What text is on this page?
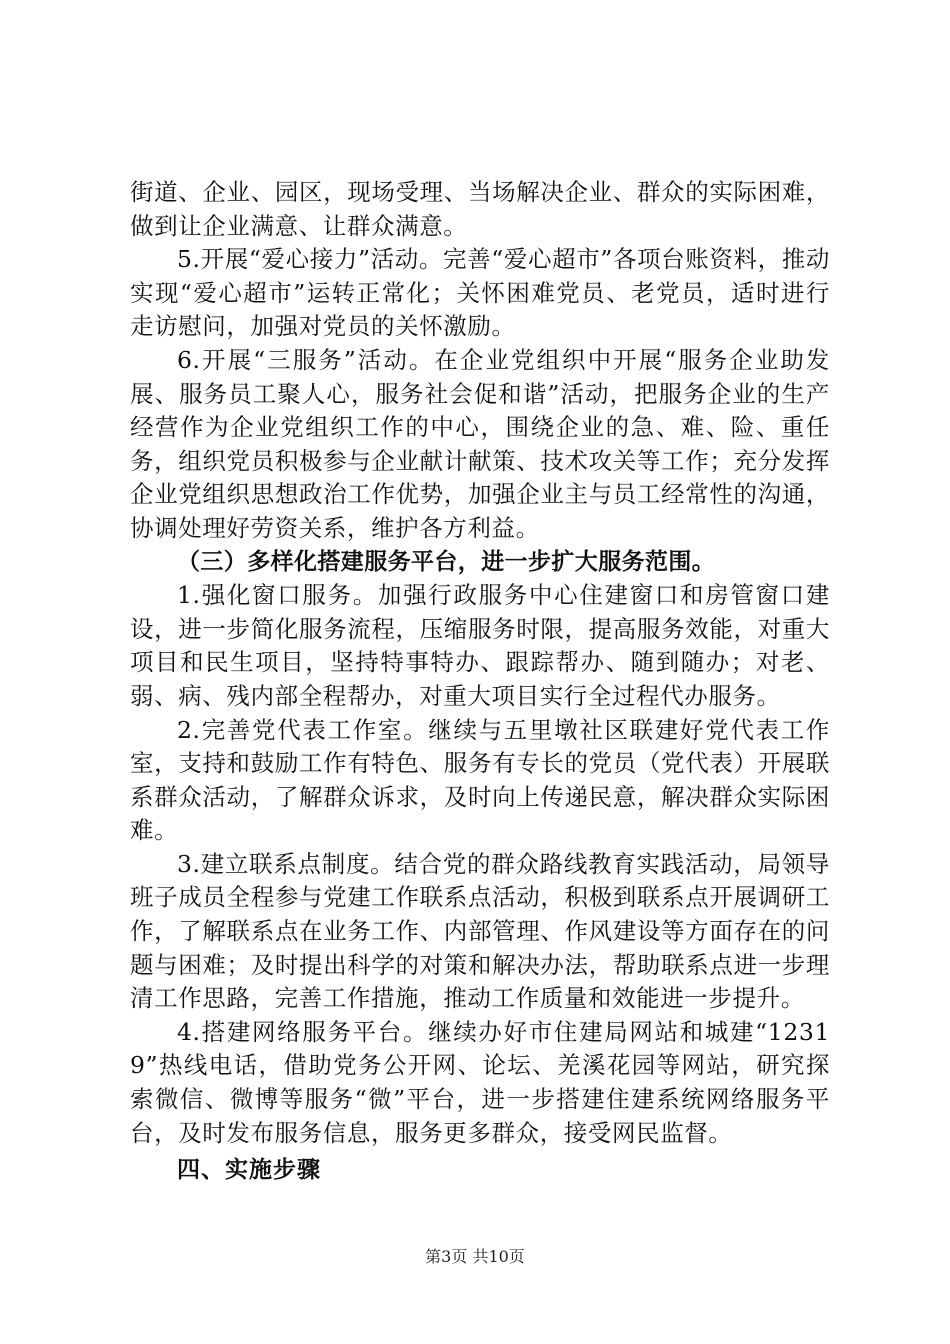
街道、企业、园区，现场受理、当场解决企业、群众的实际困难，做到让企业满意、让群众满意。

5.开展“爱心接力”活动。完善“爱心超市”各项台账资料，推动实现“爱心超市”运转正常化；关怀困难党员、老党员，适时进行走访慰问，加强对党员的关怀激励。

6.开展“三服务”活动。在企业党组织中开展“服务企业助发展、服务员工聚人心，服务社会促和谐”活动，把服务企业的生产经营作为企业党组织工作的中心，围绕企业的急、难、险、重任务，组织党员积极参与企业献计献策、技术攻关等工作；充分发挥企业党组织思想政治工作优势，加强企业主与员工经常性的沟通，协调处理好劳资关系，维护各方利益。

（三）多样化搭建服务平台，进一步扩大服务范围。

1.强化窗口服务。加强行政服务中心住建窗口和房管窗口建设，进一步简化服务流程，压缩服务时限，提高服务效能，对重大项目和民生项目，坚持特事特办、跟踪帮办、随到随办；对老、弱、病、残内部全程帮办，对重大项目实行全过程代办服务。

2.完善党代表工作室。继续与五里墩社区联建好党代表工作室，支持和鼓励工作有特色、服务有专长的党员（党代表）开展联系群众活动，了解群众诉求，及时向上传递民意，解决群众实际困难。

3.建立联系点制度。结合党的群众路线教育实践活动，局领导班子成员全程参与党建工作联系点活动，积极到联系点开展调研工作，了解联系点在业务工作、内部管理、作风建设等方面存在的问题与困难；及时提出科学的对策和解决办法，帮助联系点进一步理清工作思路，完善工作措施，推动工作质量和效能进一步提升。

4.搭建网络服务平台。继续办好市住建局网站和城建“12319”热线电话，借助党务公开网、论坛、羌溪花园等网站，研究探索微信、微博等服务“微”平台，进一步搭建住建系统网络服务平台，及时发布服务信息，服务更多群众，接受网民监督。

四、实施步骤

第3页 共10页
